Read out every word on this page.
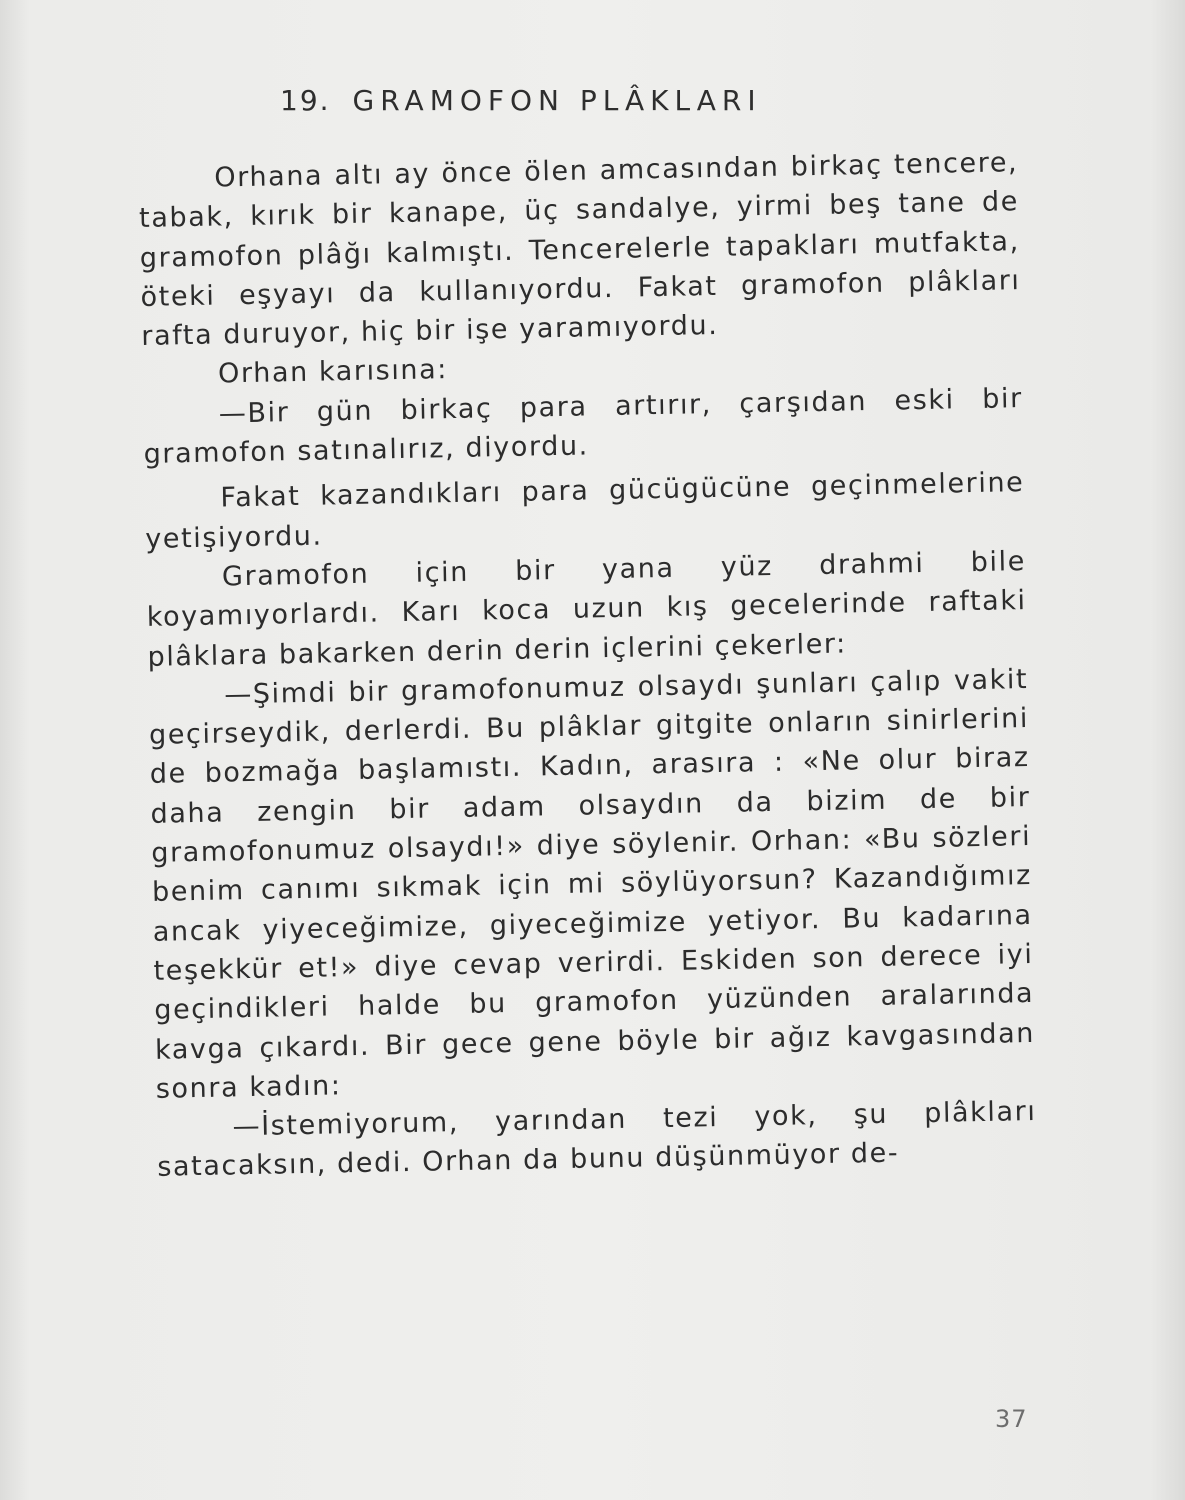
19. GRAMOFON PLÂKLARI

Orhana altı ay önce ölen amcasından birkaç tencere, tabak, kırık bir kanape, üç sandalye, yirmi beş tane de gramofon plâğı kalmıştı. Tencerelerle tapakları mutfakta, öteki eşyayı da kullanıyordu. Fakat gramofon plâkları rafta duruyor, hiç bir işe yaramıyordu.

Orhan karısına:

—Bir gün birkaç para artırır, çarşıdan eski bir gramofon satınalırız, diyordu.

Fakat kazandıkları para gücügücüne geçinmelerine yetişiyordu.

Gramofon için bir yana yüz drahmi bile koyamıyorlardı. Karı koca uzun kış gecelerinde raftaki plâklara bakarken derin derin içlerini çekerler:

—Şimdi bir gramofonumuz olsaydı şunları çalıp vakit geçirseydik, derlerdi. Bu plâklar gitgite onların sinirlerini de bozmağa başlamıstı. Kadın, arasıra : «Ne olur biraz daha zengin bir adam olsaydın da bizim de bir gramofonumuz olsaydı!» diye söylenir. Orhan: «Bu sözleri benim canımı sıkmak için mi söylüyorsun? Kazandığımız ancak yiyeceğimize, giyeceğimize yetiyor. Bu kadarına teşekkür et!» diye cevap verirdi. Eskiden son derece iyi geçindikleri halde bu gramofon yüzünden aralarında kavga çıkardı. Bir gece gene böyle bir ağız kavgasından sonra kadın:

—İstemiyorum, yarından tezi yok, şu plâkları satacaksın, dedi. Orhan da bunu düşünmüyor de-

37
